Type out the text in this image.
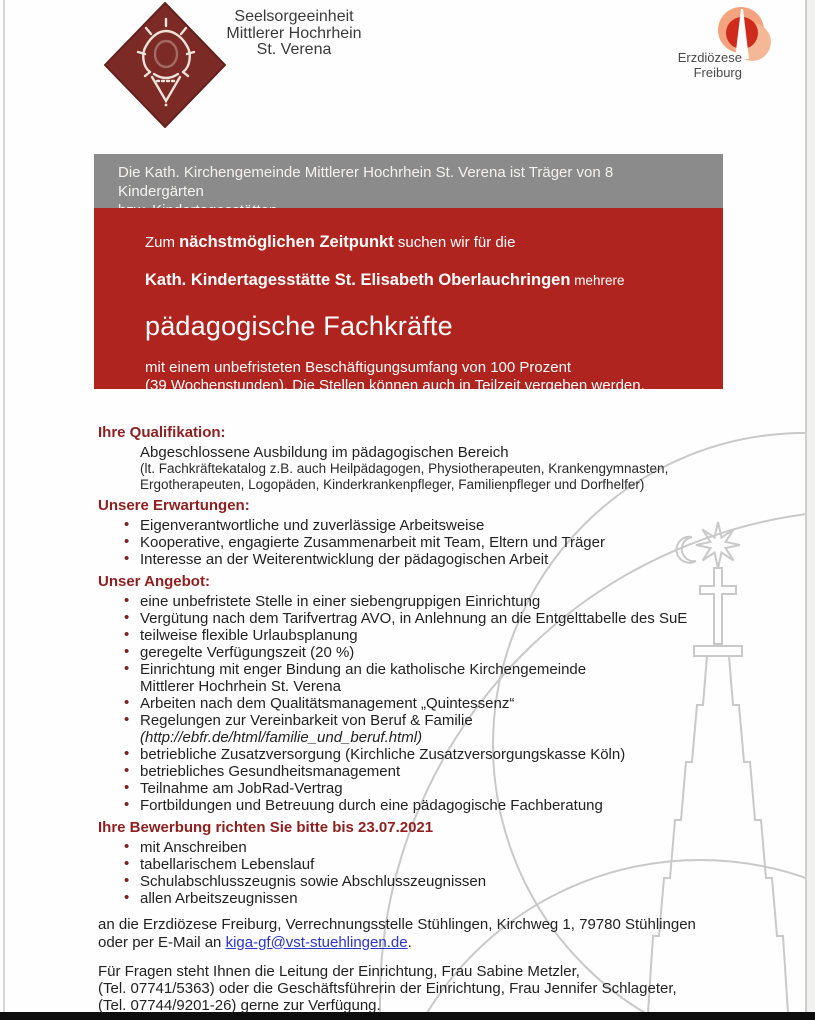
Seelsorgeeinheit
Mittlerer Hochrhein
St. Verena	Erzdiözese
Freiburg
Die Kath. Kirchengemeinde Mittlerer Hochrhein St. Verena ist Träger von 8 Kindergärten
Zum nächstmöglichen Zeitpunkt suchen wir für die
Kath. Kindertagesstätte St. Elisabeth Oberlauchringen mehrere
pädagogische Fachkräfte
mit einem unbefristeten Beschäftigungsumfang von 100 Prozent
(39 Wochenstunden). Die Stellen können auch in Teilzeit vergeben werden.
Ihre Qualifikation:
Abgeschlossene Ausbildung im pädagogischen Bereich
(lt. Fachkräftekatalog z.B. auch Heilpädagogen, Physiotherapeuten, Krankengymnasten,
Ergotherapeuten, Logopäden, Kinderkrankenpfleger, Familienpfleger und Dorfhelfer)
Unsere Erwartungen:
• Eigenverantwortliche und zuverlässige Arbeitsweise
• Kooperative, engagierte Zusammenarbeit mit Team, Eltern und Träger
• Interesse an der Weiterentwicklung der pädagogischen Arbeit
Unser Angebot:
• eine unbefristete Stelle in einer siebengruppigen Einrichtung
• Vergütung nach dem Tarifvertrag AVO, in Anlehnung an die Entgelttabelle des SuE
• teilweise flexible Urlaubsplanung
• geregelte Verfügungszeit (20 %)
• Einrichtung mit enger Bindung an die katholische Kirchengemeinde
Mittlerer Hochrhein St. Verena
• Arbeiten nach dem Qualitätsmanagement „Quintessenz“
• Regelungen zur Vereinbarkeit von Beruf & Familie
(http://ebfr.de/html/familie_und_beruf.html)
• betriebliche Zusatzversorgung (Kirchliche Zusatzversorgungskasse Köln)
• betriebliches Gesundheitsmanagement
• Teilnahme am JobRad-Vertrag
• Fortbildungen und Betreuung durch eine pädagogische Fachberatung
Ihre Bewerbung richten Sie bitte bis 23.07.2021
• mit Anschreiben
• tabellarischem Lebenslauf
• Schulabschlusszeugnis sowie Abschlusszeugnissen
• allen Arbeitszeugnissen
an die Erzdiözese Freiburg, Verrechnungsstelle Stühlingen, Kirchweg 1, 79780 Stühlingen
oder per E-Mail an kiga-gf@vst-stuehlingen.de.
Für Fragen steht Ihnen die Leitung der Einrichtung, Frau Sabine Metzler,
(Tel. 07741/5363) oder die Geschäftsführerin der Einrichtung, Frau Jennifer Schlageter,
(Tel. 07744/9201-26) gerne zur Verfügung.
